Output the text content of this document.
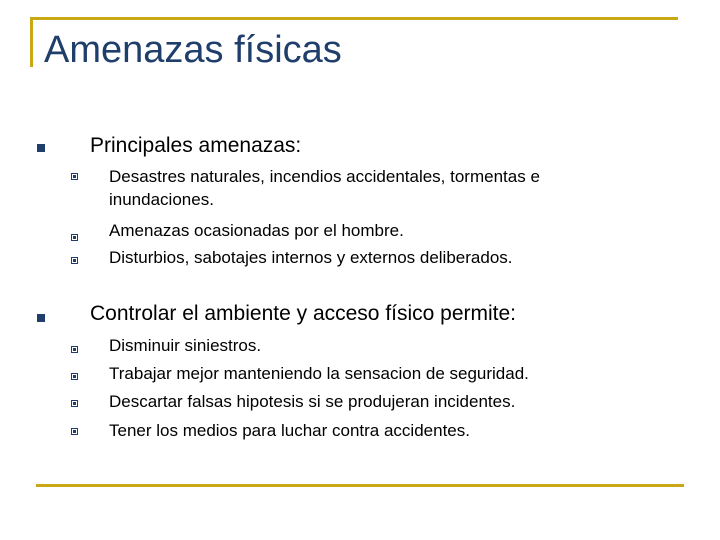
Amenazas físicas
Principales amenazas:
Desastres naturales, incendios accidentales, tormentas e
inundaciones.
Amenazas ocasionadas por el hombre.
Disturbios, sabotajes internos y externos deliberados.
Controlar el ambiente y acceso físico permite:
Disminuir siniestros.
Trabajar mejor manteniendo la sensacion de seguridad.
Descartar falsas hipotesis si se produjeran incidentes.
Tener los medios para luchar contra accidentes.
